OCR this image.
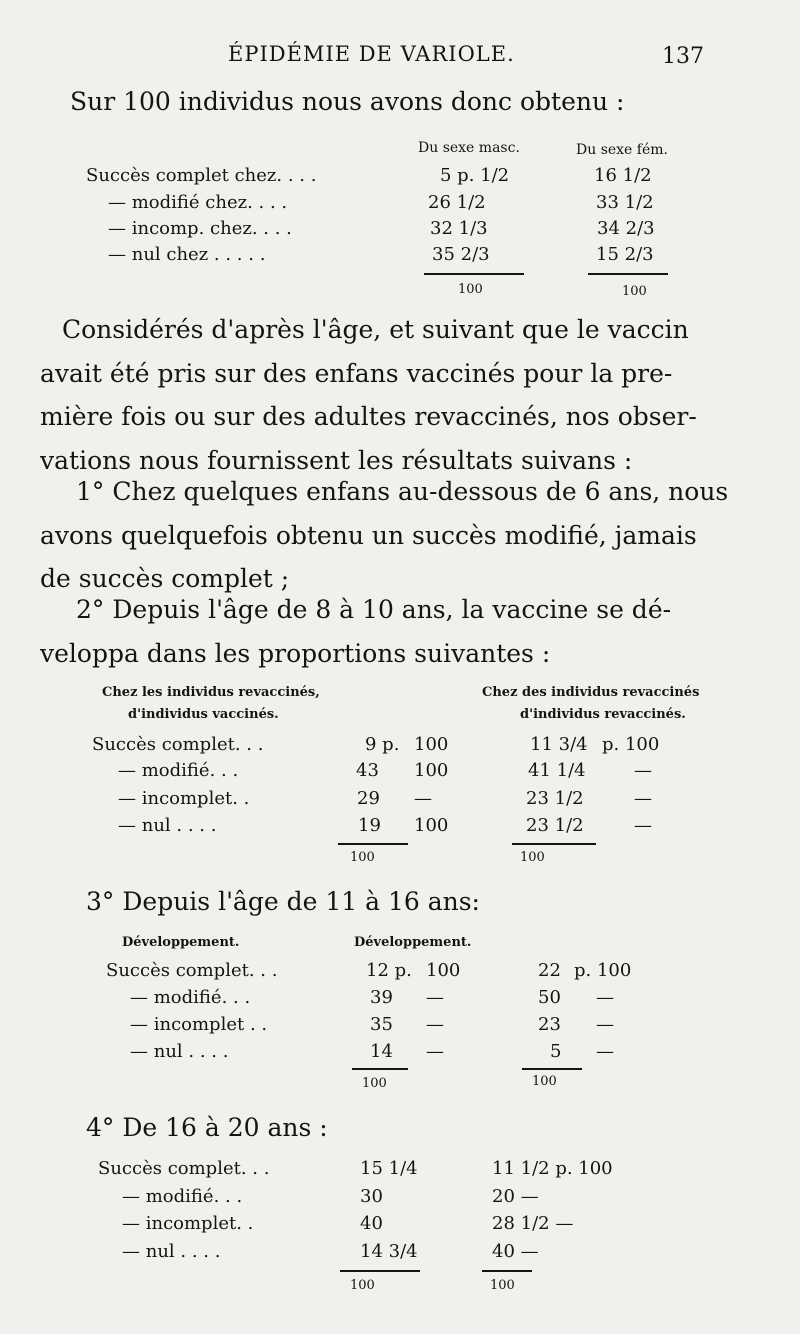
ÉPIDÉMIE DE VARIOLE.	137
Sur 100 individus nous avons donc obtenu :
Du sexe masc.	Du sexe fém.
Succès complet chez. . . .	5 p. 1/2	16 1/2
— modifié chez. . . .	26 1/2	33 1/2
— incomp. chez. . . .	32 1/3	34 2/3
— nul chez . . . . .	35 2/3	15 2/3
100	100
Considérés d'après l'âge, et suivant que le vaccin
avait été pris sur des enfans vaccinés pour la pre-
mière fois ou sur des adultes revaccinés, nos obser-
vations nous fournissent les résultats suivans :
1° Chez quelques enfans au-dessous de 6 ans, nous
avons quelquefois obtenu un succès modifié, jamais
de succès complet ;
2° Depuis l'âge de 8 à 10 ans, la vaccine se dé-
veloppa dans les proportions suivantes :
Chez les individus revaccinés,
d'individus vaccinés.
Chez des individus revaccinés
d'individus revaccinés.
Succès complet. . .	9 p. 100	11 3/4 p. 100
— modifié. . .	43 100	41 1/4	—
— incomplet. .	29 —	23 1/2	—
— nul . . . .	19 100	23 1/2	—
100	100
3° Depuis l'âge de 11 à 16 ans:
Développement.	Développement.
Succès complet. . .	12 p. 100	22 p. 100
— modifié. . .	39 —	50 —
— incomplet . .	35 —	23 —
— nul . . . .	14 —	5 —
100	100
4° De 16 à 20 ans :
Succès complet. . .	15 1/4	11 1/2 p. 100
— modifié. . .	30	20 —
— incomplet. .	40	28 1/2 —
— nul . . . .	14 3/4	40 —
100	100
